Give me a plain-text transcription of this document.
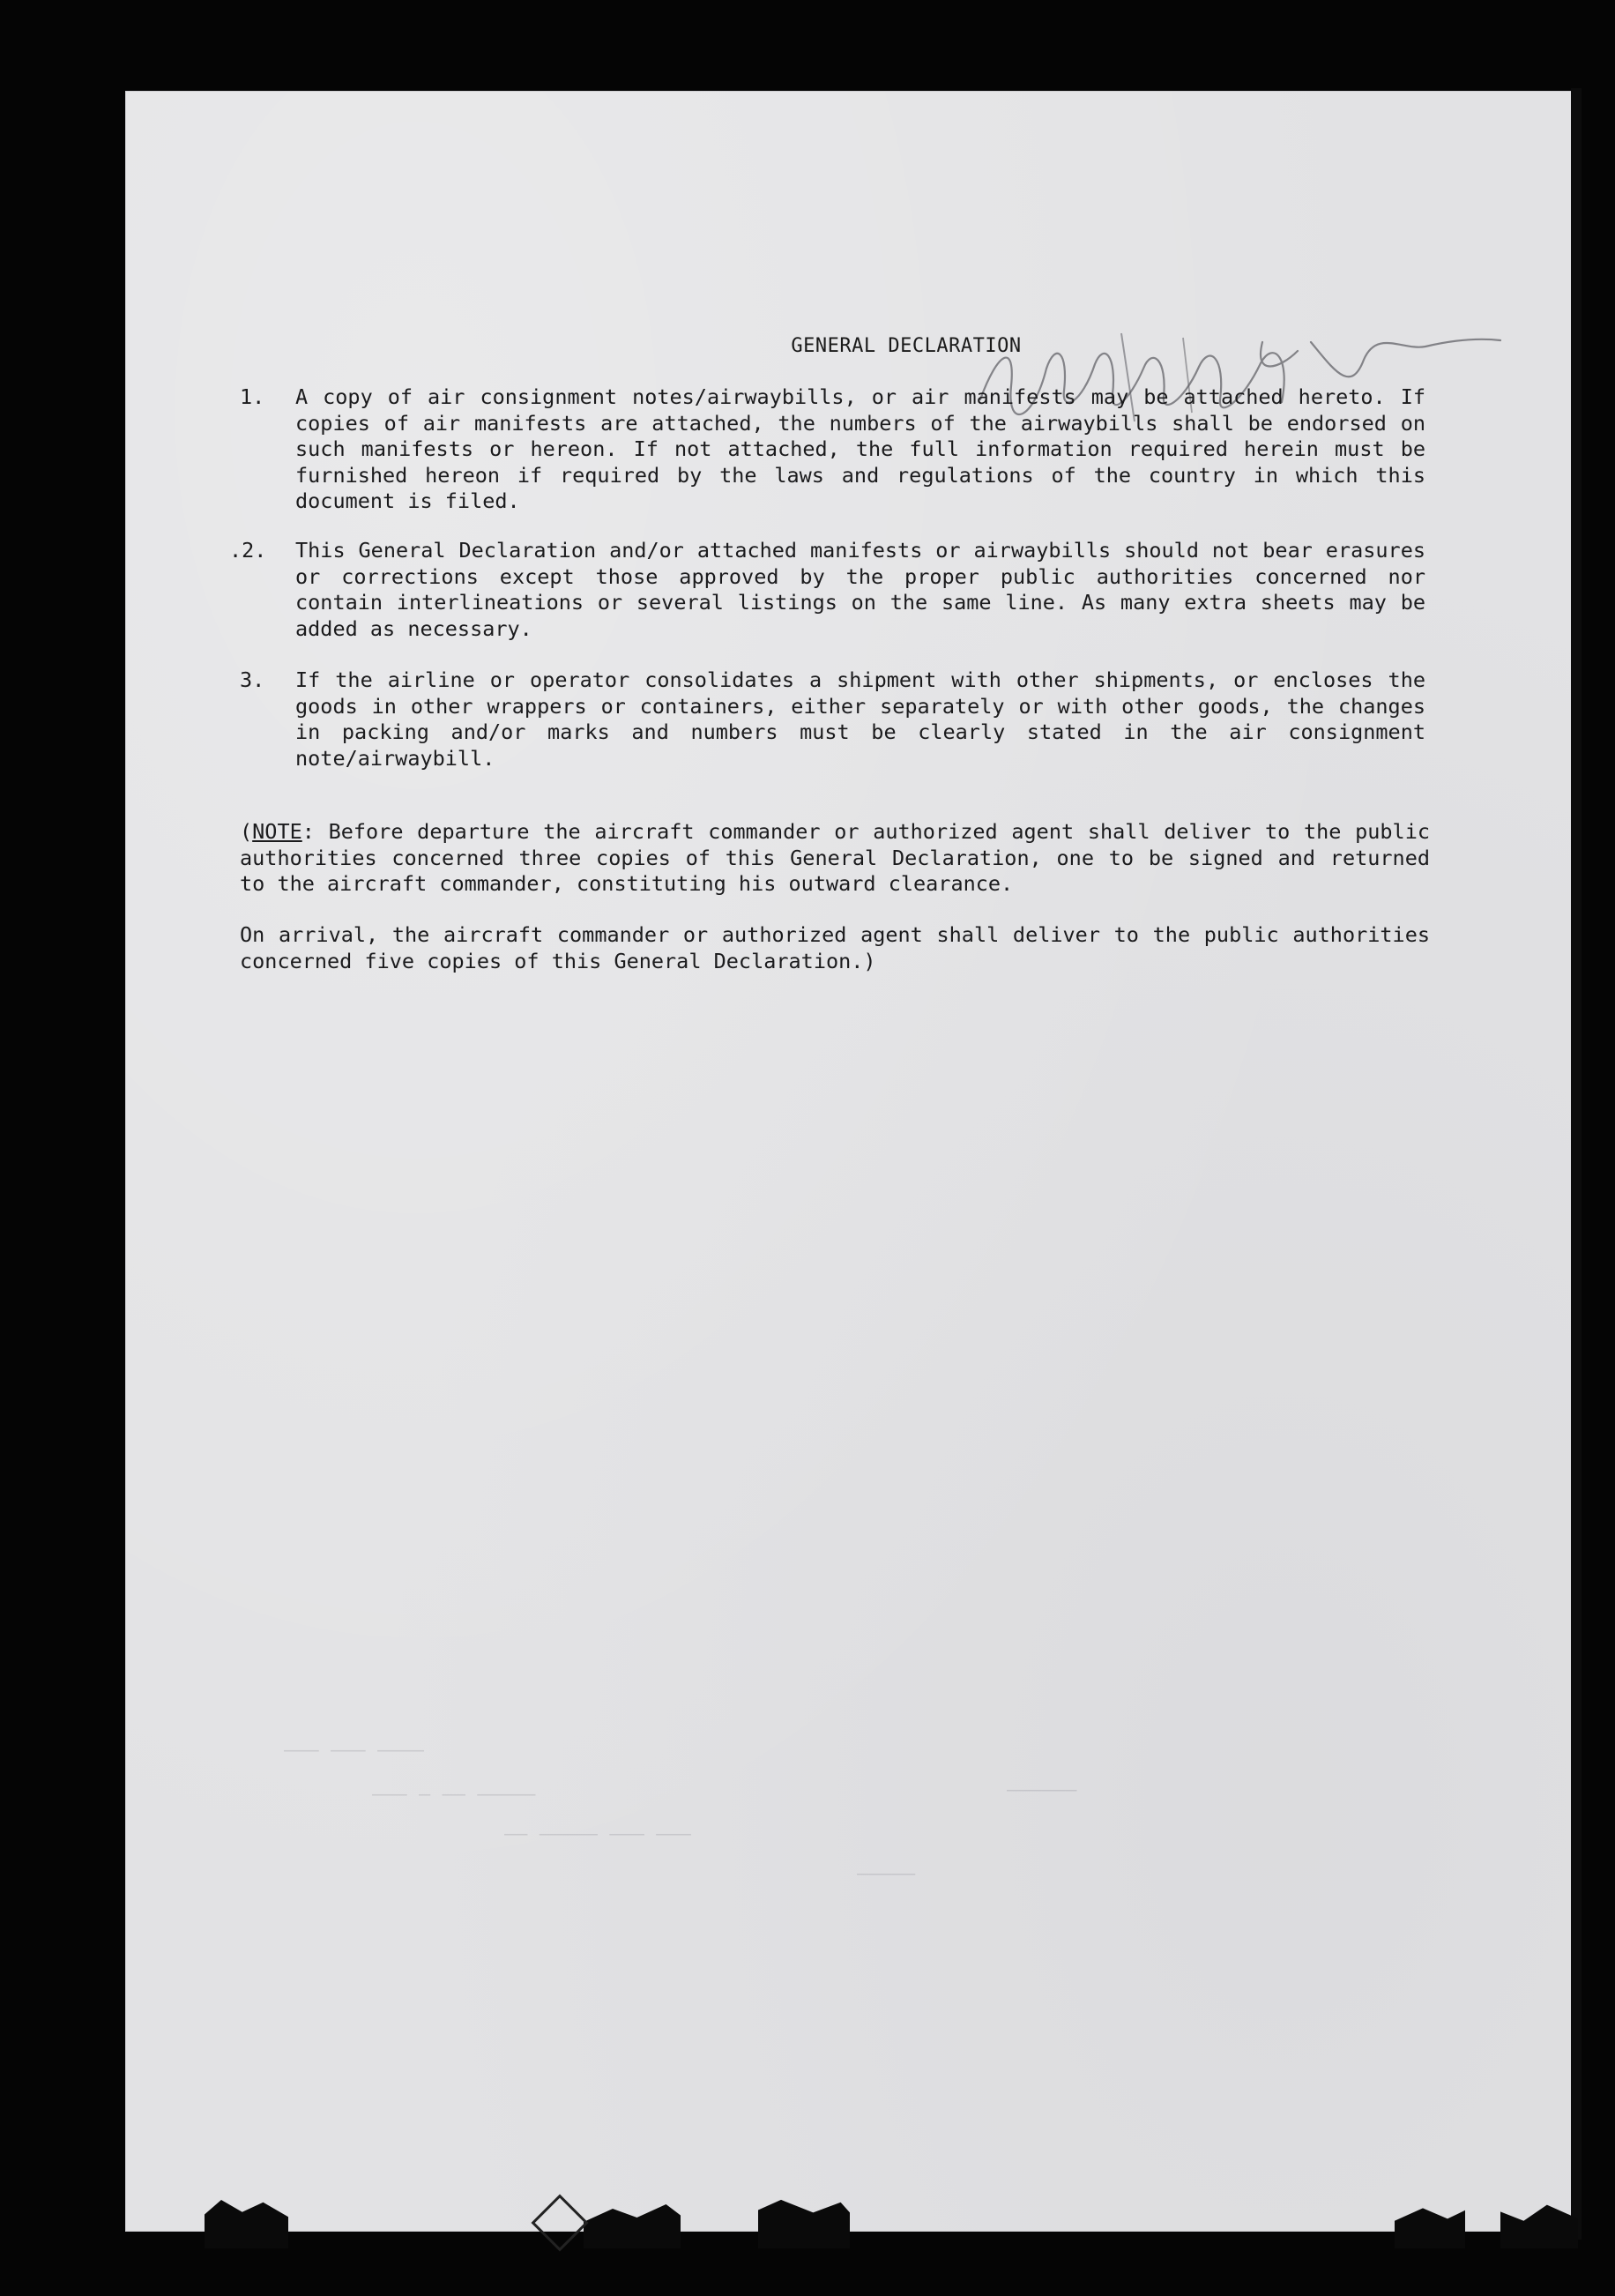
———— ——— ———
————— —— — ———
——— ——— ————— ——
—————
——————
GENERAL DECLARATION
1. A copy of air consignment notes/airwaybills, or air manifests may be attached hereto. If copies of air manifests are attached, the numbers of the airwaybills shall be endorsed on such manifests or hereon. If not attached, the full information required herein must be furnished hereon if required by the laws and regulations of the country in which this document is filed.
.2. This General Declaration and/or attached manifests or airwaybills should not bear erasures or corrections except those approved by the proper public authorities concerned nor contain interlineations or several listings on the same line. As many extra sheets may be added as necessary.
3. If the airline or operator consolidates a shipment with other shipments, or encloses the goods in other wrappers or containers, either separately or with other goods, the changes in packing and/or marks and numbers must be clearly stated in the air consignment note/airwaybill.
(NOTE: Before departure the aircraft commander or authorized agent shall deliver to the public authorities concerned three copies of this General Declaration, one to be signed and returned to the aircraft commander, constituting his outward clearance.
On arrival, the aircraft commander or authorized agent shall deliver to the public authorities concerned five copies of this General Declaration.)
